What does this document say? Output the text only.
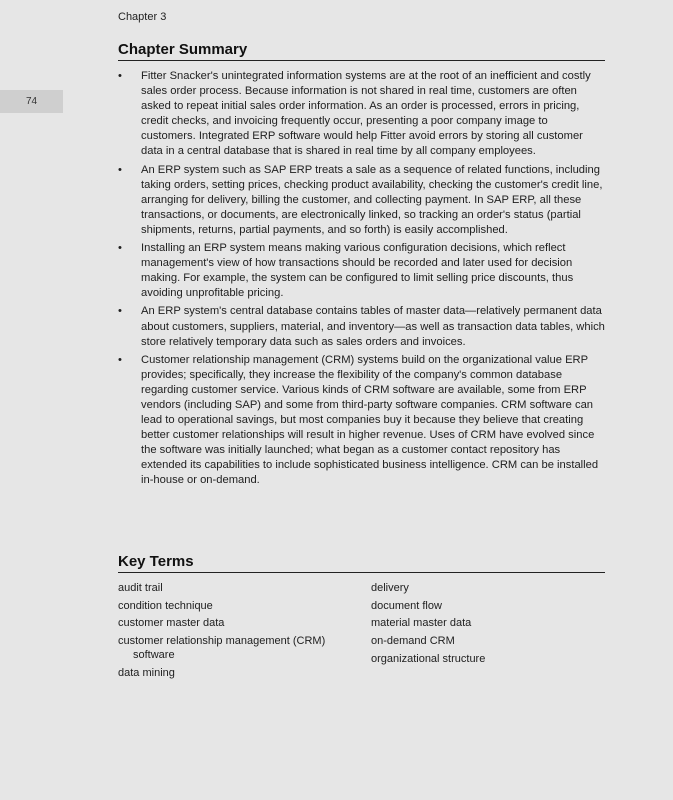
Chapter 3
74
Chapter Summary
• Fitter Snacker's unintegrated information systems are at the root of an inefficient and costly sales order process. Because information is not shared in real time, customers are often asked to repeat initial sales order information. As an order is processed, errors in pricing, credit checks, and invoicing frequently occur, presenting a poor company image to customers. Integrated ERP software would help Fitter avoid errors by storing all customer data in a central database that is shared in real time by all company employees.
• An ERP system such as SAP ERP treats a sale as a sequence of related functions, including taking orders, setting prices, checking product availability, checking the customer's credit line, arranging for delivery, billing the customer, and collecting payment. In SAP ERP, all these transactions, or documents, are electronically linked, so tracking an order's status (partial shipments, returns, partial payments, and so forth) is easily accomplished.
• Installing an ERP system means making various configuration decisions, which reflect management's view of how transactions should be recorded and later used for decision making. For example, the system can be configured to limit selling price discounts, thus avoiding unprofitable pricing.
• An ERP system's central database contains tables of master data—relatively permanent data about customers, suppliers, material, and inventory—as well as transaction data tables, which store relatively temporary data such as sales orders and invoices.
• Customer relationship management (CRM) systems build on the organizational value ERP provides; specifically, they increase the flexibility of the company's common database regarding customer service. Various kinds of CRM software are available, some from ERP vendors (including SAP) and some from third-party software companies. CRM software can lead to operational savings, but most companies buy it because they believe that creating better customer relationships will result in higher revenue. Uses of CRM have evolved since the software was initially launched; what began as a customer contact repository has extended its capabilities to include sophisticated business intelligence. CRM can be installed in-house or on-demand.
Key Terms
audit trail
condition technique
customer master data
customer relationship management (CRM)
software
data mining
delivery
document flow
material master data
on-demand CRM
organizational structure
